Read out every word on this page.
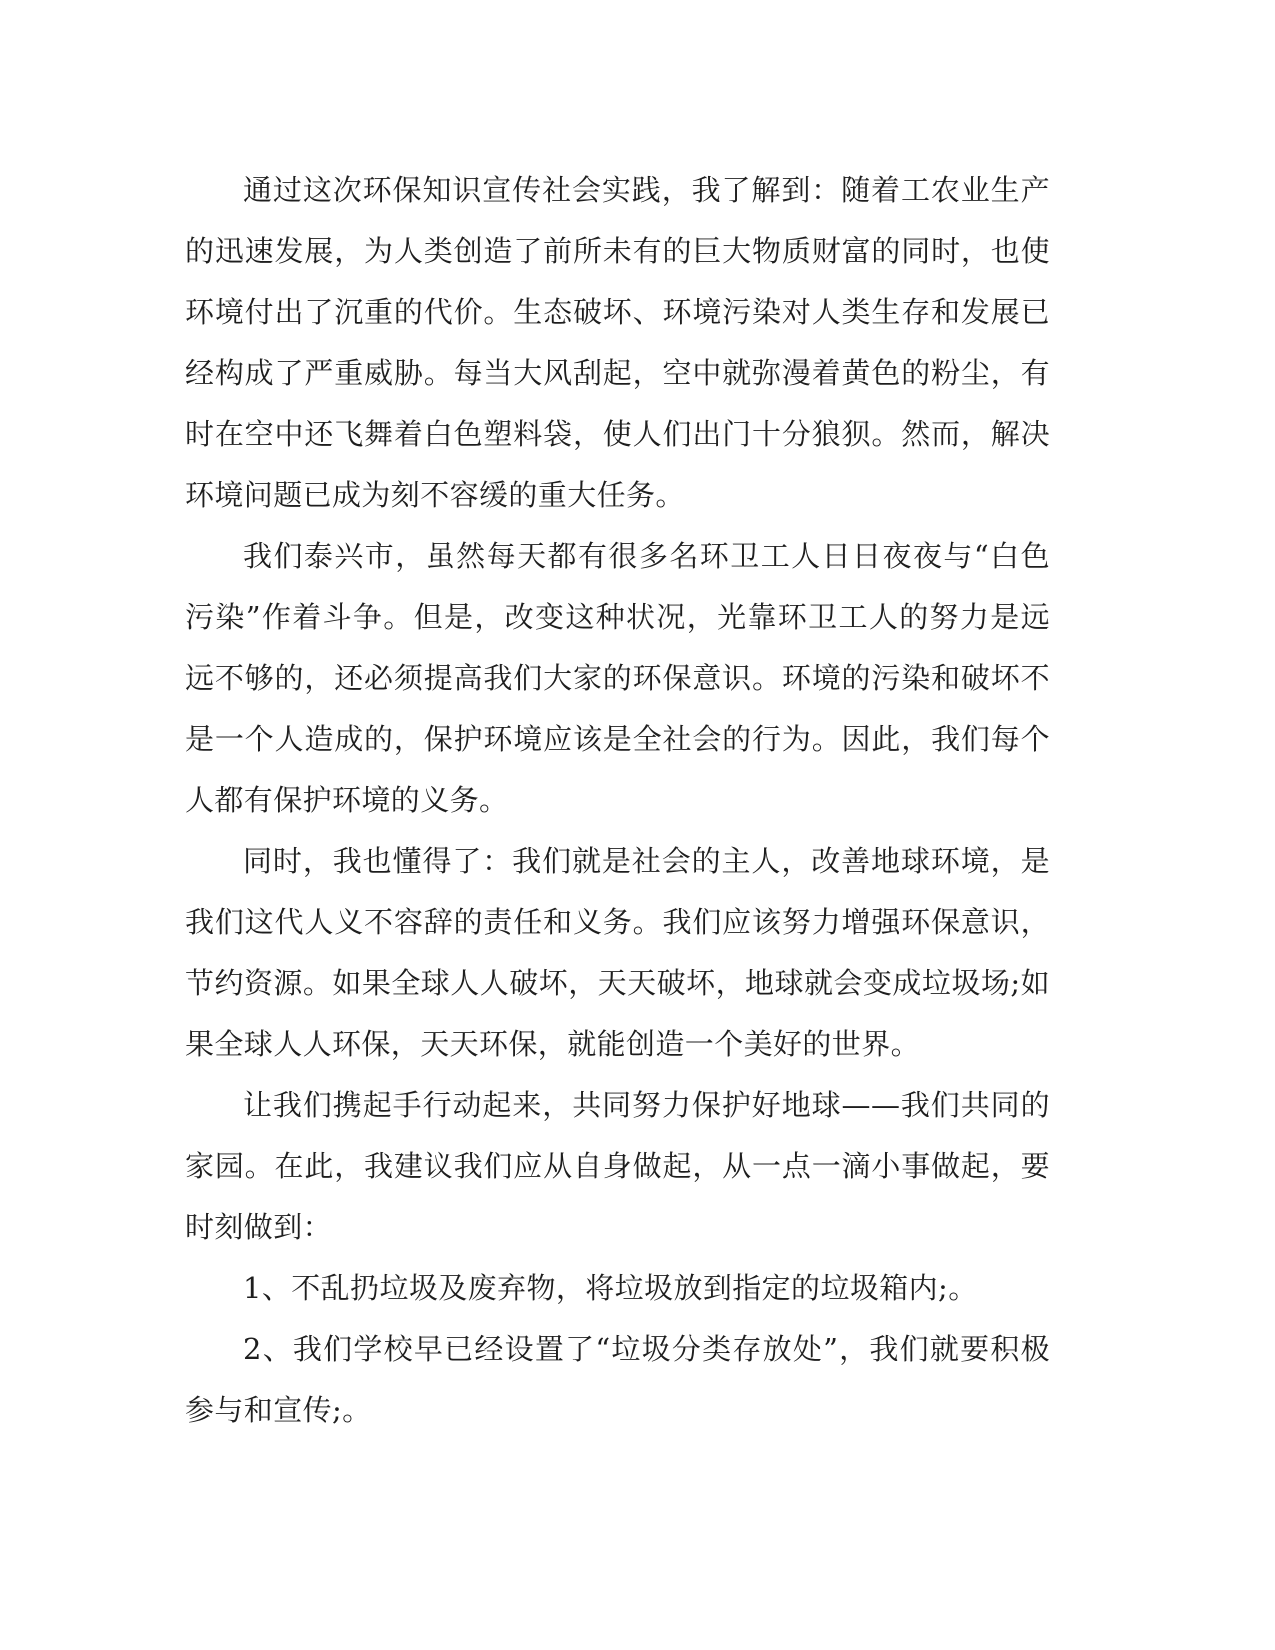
通过这次环保知识宣传社会实践，我了解到：随着工农业生产的迅速发展，为人类创造了前所未有的巨大物质财富的同时，也使环境付出了沉重的代价。生态破坏、环境污染对人类生存和发展已经构成了严重威胁。每当大风刮起，空中就弥漫着黄色的粉尘，有时在空中还飞舞着白色塑料袋，使人们出门十分狼狈。然而，解决环境问题已成为刻不容缓的重大任务。

我们泰兴市，虽然每天都有很多名环卫工人日日夜夜与“白色污染”作着斗争。但是，改变这种状况，光靠环卫工人的努力是远远不够的，还必须提高我们大家的环保意识。环境的污染和破坏不是一个人造成的，保护环境应该是全社会的行为。因此，我们每个人都有保护环境的义务。

同时，我也懂得了：我们就是社会的主人，改善地球环境，是我们这代人义不容辞的责任和义务。我们应该努力增强环保意识，节约资源。如果全球人人破坏，天天破坏，地球就会变成垃圾场;如果全球人人环保，天天环保，就能创造一个美好的世界。

让我们携起手行动起来，共同努力保护好地球——我们共同的家园。在此，我建议我们应从自身做起，从一点一滴小事做起，要时刻做到：

1、不乱扔垃圾及废弃物，将垃圾放到指定的垃圾箱内;。

2、我们学校早已经设置了“垃圾分类存放处”，我们就要积极参与和宣传;。
